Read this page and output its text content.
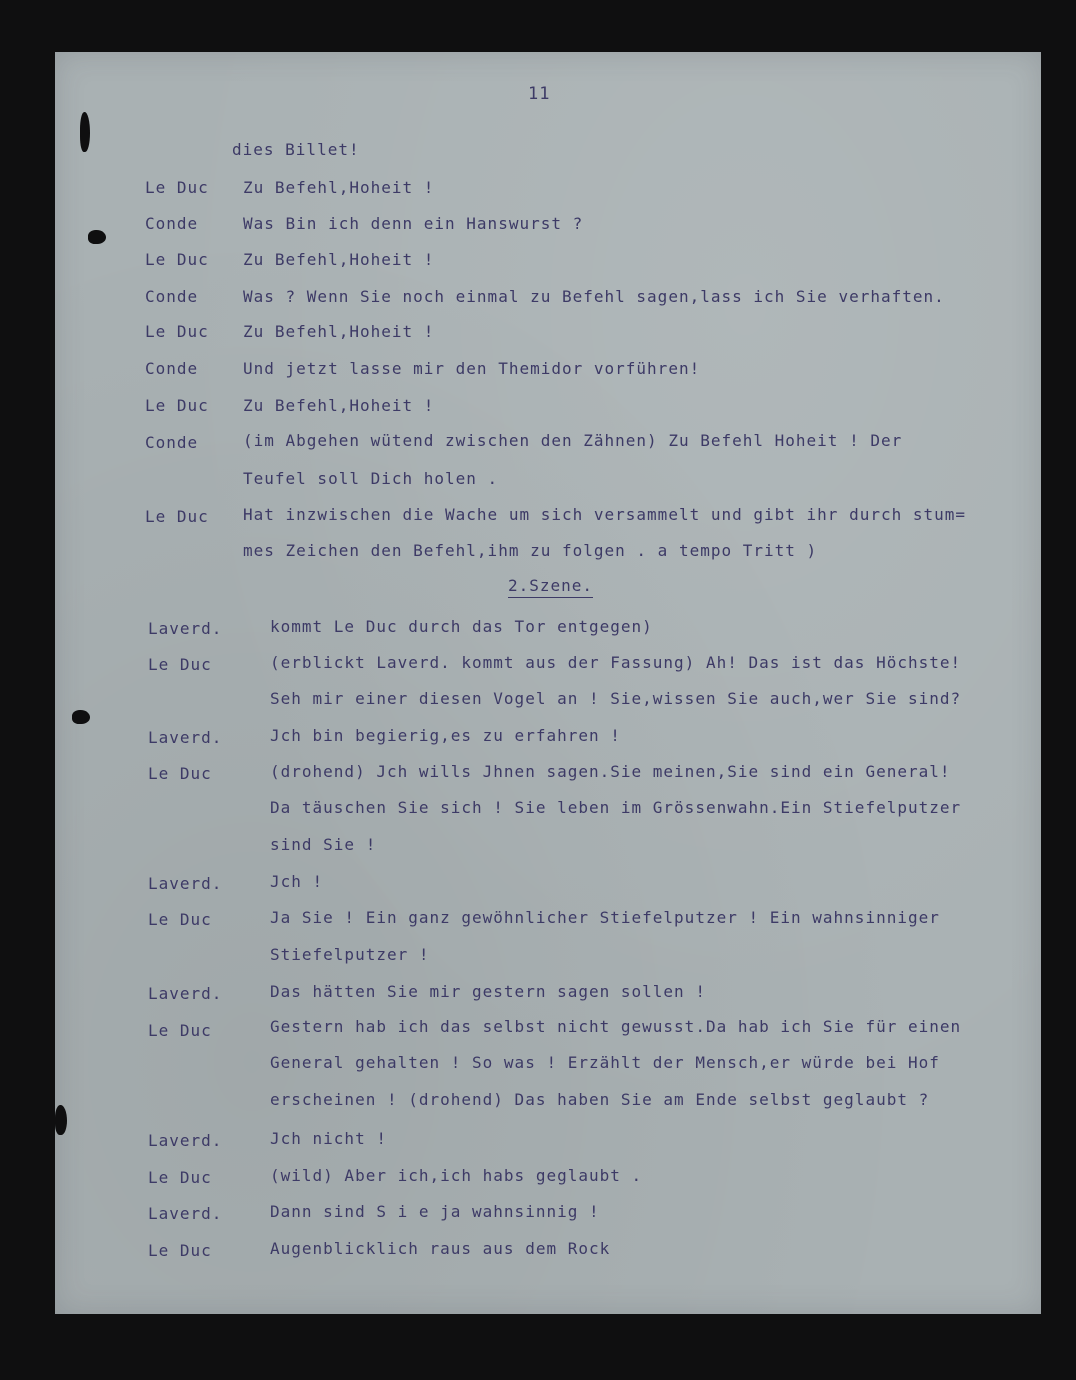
11
dies Billet!
Le Duc Zu Befehl,Hoheit !
Conde	Was Bin ich denn ein Hanswurst ?
Le Duc Zu Befehl,Hoheit !
Conde	Was ? Wenn Sie noch einmal zu Befehl sagen,lass ich Sie verhaften.
Le Duc Zu Befehl,Hoheit !
Conde	Und jetzt lasse mir den Themidor vorführen!
Le Duc Zu Befehl,Hoheit !
Conde	(im Abgehen wütend zwischen den Zähnen) Zu Befehl Hoheit ! Der
Teufel soll Dich holen .
Le Duc Hat inzwischen die Wache um sich versammelt und gibt ihr durch stum=
mes Zeichen den Befehl,ihm zu folgen . a tempo Tritt )
2.Szene.
Laverd.	kommt Le Duc durch das Tor entgegen)
Le Duc	(erblickt Laverd. kommt aus der Fassung) Ah! Das ist das Höchste!
Seh mir einer diesen Vogel an ! Sie,wissen Sie auch,wer Sie sind?
Laverd.	Jch bin begierig,es zu erfahren !
Le Duc	(drohend) Jch wills Jhnen sagen.Sie meinen,Sie sind ein General!
Da täuschen Sie sich ! Sie leben im Grössenwahn.Ein Stiefelputzer
sind Sie !
Laverd.	Jch !
Le Duc	Ja Sie ! Ein ganz gewöhnlicher Stiefelputzer ! Ein wahnsinniger
Stiefelputzer !
Laverd.	Das hätten Sie mir gestern sagen sollen !
Le Duc	Gestern hab ich das selbst nicht gewusst.Da hab ich Sie für einen
General gehalten ! So was ! Erzählt der Mensch,er würde bei Hof
erscheinen ! (drohend) Das haben Sie am Ende selbst geglaubt ?
Laverd.	Jch nicht !
Le Duc	(wild) Aber ich,ich habs geglaubt .
Laverd.	Dann sind S i e ja wahnsinnig !
Le Duc	Augenblicklich raus aus dem Rock
